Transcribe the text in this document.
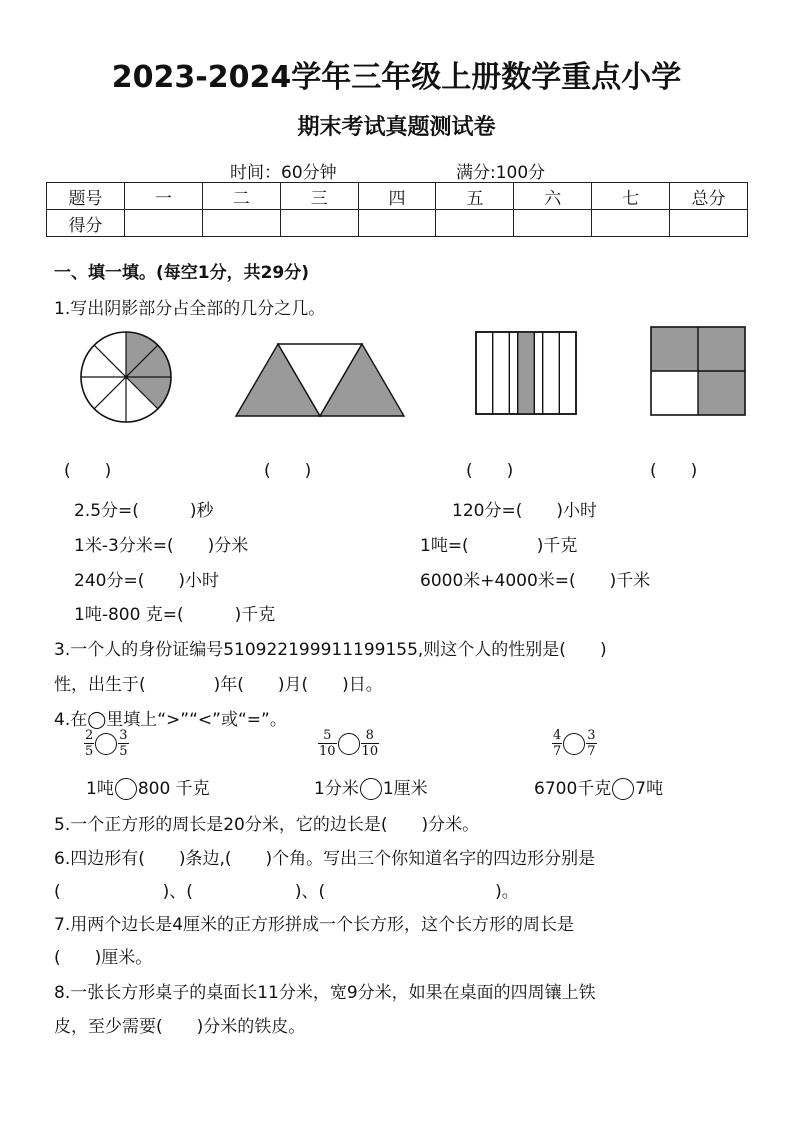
2023-2024学年三年级上册数学重点小学
期末考试真题测试卷
时间：60分钟	满分:100分
题号	一	二	三	四	五	六	七	总分
得分								
一、填一填。(每空1分，共29分)
1.写出阴影部分占全部的几分之几。
(　　)	(　　)	(　　)	(　　)
2.5分=(　　　)秒	120分=(　　)小时
1米-3分米=(　　)分米	1吨=(　　　　)千克
240分=(　　)小时	6000米+4000米=(　　)千米
1吨-800 克=(　　　)千克
3.一个人的身份证编号510922199911199155,则这个人的性别是(　　)
性，出生于(　　　　)年(　　)月(　　)日。
4.在◯里填上“>”“<”或“=”。
$\frac{2}{5} \frac{3}{5}$	$\frac{5}{10} \frac{8}{10}$	$\frac{4}{7} \frac{3}{7}$
1吨 800 千克	1分米 1厘米	6700千克 7吨
5.一个正方形的周长是20分米，它的边长是(　　)分米。
6.四边形有(　　)条边,(　　)个角。写出三个你知道名字的四边形分别是
(　　　　　　)、(　　　　　　)、(　　　　　　　　　　)。
7.用两个边长是4厘米的正方形拼成一个长方形，这个长方形的周长是
(　　)厘米。
8.一张长方形桌子的桌面长11分米，宽9分米，如果在桌面的四周镶上铁
皮，至少需要(　　)分米的铁皮。
